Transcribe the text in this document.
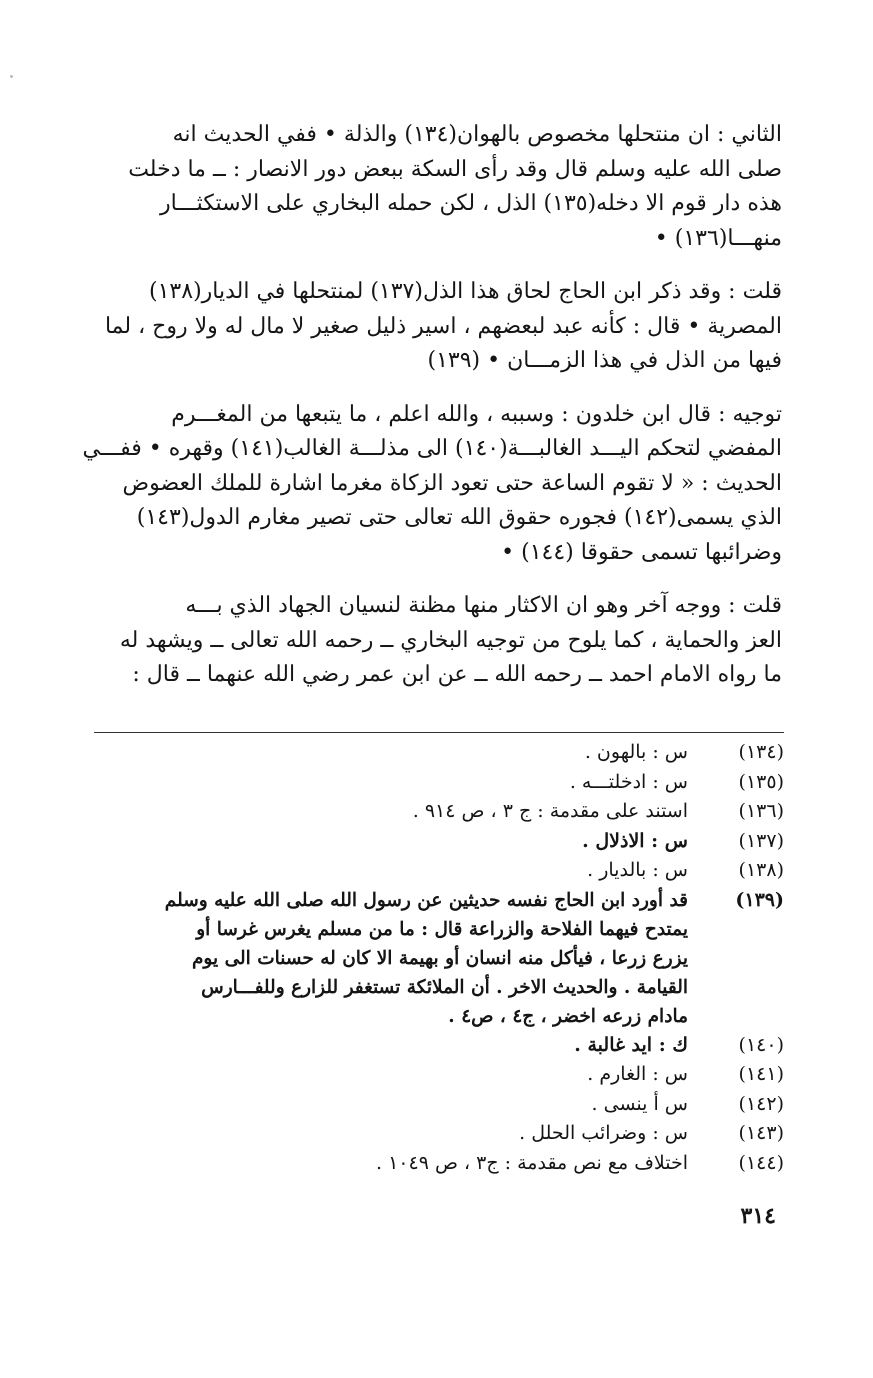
الثاني : ان منتحلها مخصوص بالهوان(١٣٤) والذلة • ففي الحديث انه

صلى الله عليه وسلم قال وقد رأى السكة ببعض دور الانصار : ــ ما دخلت

هذه دار قوم الا دخله(١٣٥) الذل ، لكن حمله البخاري على الاستكثـــار

منهـــا(١٣٦) •

قلت : وقد ذكر ابن الحاج لحاق هذا الذل(١٣٧) لمنتحلها في الديار(١٣٨)

المصرية • قال : كأنه عبد لبعضهم ، اسير ذليل صغير لا مال له ولا روح ، لما

فيها من الذل في هذا الزمـــان • (١٣٩)

توجيه : قال ابن خلدون : وسببه ، والله اعلم ، ما يتبعها من المغـــرم

المفضي لتحكم اليـــد الغالبـــة(١٤٠) الى مذلـــة الغالب(١٤١) وقهره • ففـــي

الحديث : « لا تقوم الساعة حتى تعود الزكاة مغرما اشارة للملك العضوض

الذي يسمى(١٤٢) فجوره حقوق الله تعالى حتى تصير مغارم الدول(١٤٣)

وضرائبها تسمى حقوقا (١٤٤) •

قلت : ووجه آخر وهو ان الاكثار منها مظنة لنسيان الجهاد الذي بـــه

العز والحماية ، كما يلوح من توجيه البخاري ــ رحمه الله تعالى ــ ويشهد له

ما رواه الامام احمد ــ رحمه الله ــ عن ابن عمر رضي الله عنهما ــ قال :

(١٣٤)
س : بالهون .
(١٣٥)
س : ادخلتـــه .
(١٣٦)
استند على مقدمة : ج ٣ ، ص ٩١٤ .
(١٣٧)
س : الاذلال .
(١٣٨)
س : بالديار .
(١٣٩)
قد أورد ابن الحاج نفسه حديثين عن رسول الله صلى الله عليه وسلم
يمتدح فيهما الفلاحة والزراعة قال : ما من مسلم يغرس غرسا أو
يزرع زرعا ، فيأكل منه انسان أو بهيمة الا كان له حسنات الى يوم
القيامة . والحديث الاخر . أن الملائكة تستغفر للزارع وللفـــارس
مادام زرعه اخضر ، ج٤ ، ص٤ .
(١٤٠)
ك : ايد غالبة .
(١٤١)
س : الغارم .
(١٤٢)
س أ ينسى .
(١٤٣)
س : وضرائب الحلل .
(١٤٤)
اختلاف مع نص مقدمة : ج٣ ، ص ١٠٤٩ .
٣١٤
